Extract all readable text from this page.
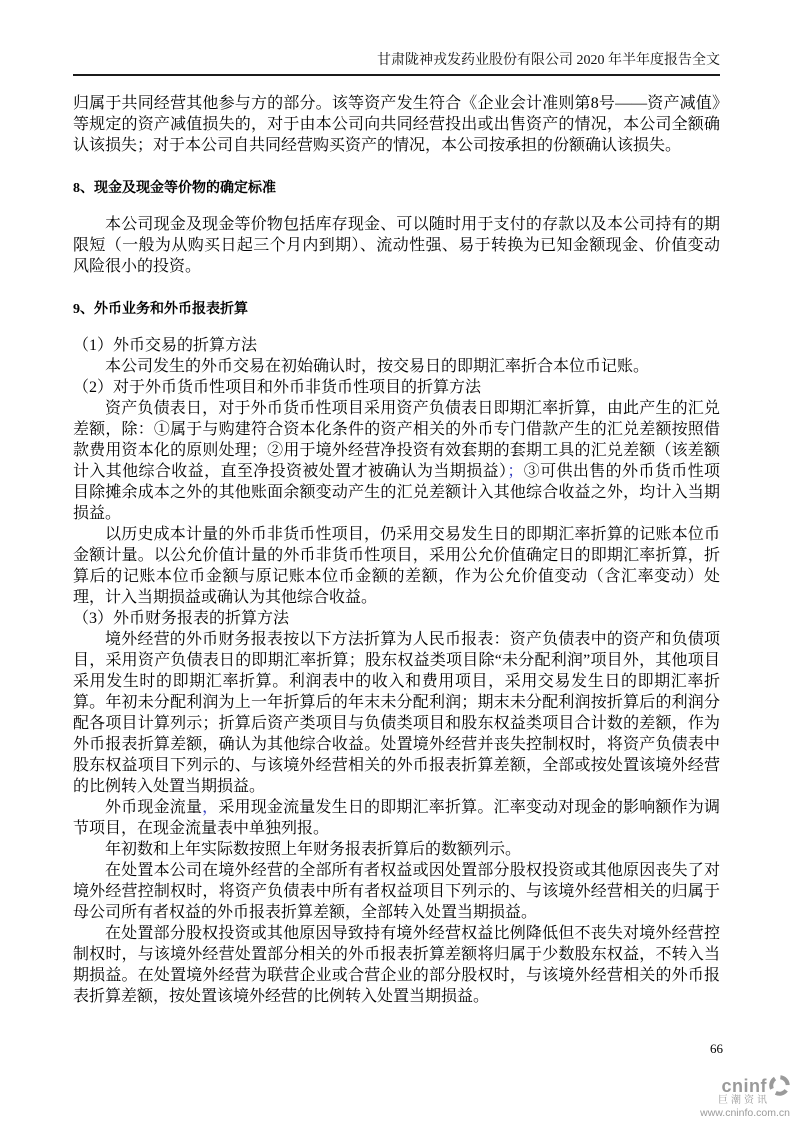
甘肃陇神戎发药业股份有限公司 2020 年半年度报告全文

归属于共同经营其他参与方的部分。该等资产发生符合《企业会计准则第8号——资产减值》等规定的资产减值损失的，对于由本公司向共同经营投出或出售资产的情况，本公司全额确认该损失；对于本公司自共同经营购买资产的情况，本公司按承担的份额确认该损失。

8、现金及现金等价物的确定标准

本公司现金及现金等价物包括库存现金、可以随时用于支付的存款以及本公司持有的期限短（一般为从购买日起三个月内到期）、流动性强、易于转换为已知金额现金、价值变动风险很小的投资。

9、外币业务和外币报表折算

（1）外币交易的折算方法

本公司发生的外币交易在初始确认时，按交易日的即期汇率折合本位币记账。

（2）对于外币货币性项目和外币非货币性项目的折算方法

资产负债表日，对于外币货币性项目采用资产负债表日即期汇率折算，由此产生的汇兑差额，除：①属于与购建符合资本化条件的资产相关的外币专门借款产生的汇兑差额按照借款费用资本化的原则处理；②用于境外经营净投资有效套期的套期工具的汇兑差额（该差额计入其他综合收益，直至净投资被处置才被确认为当期损益）；③可供出售的外币货币性项目除摊余成本之外的其他账面余额变动产生的汇兑差额计入其他综合收益之外，均计入当期损益。

以历史成本计量的外币非货币性项目，仍采用交易发生日的即期汇率折算的记账本位币金额计量。以公允价值计量的外币非货币性项目，采用公允价值确定日的即期汇率折算，折算后的记账本位币金额与原记账本位币金额的差额，作为公允价值变动（含汇率变动）处理，计入当期损益或确认为其他综合收益。

（3）外币财务报表的折算方法

境外经营的外币财务报表按以下方法折算为人民币报表：资产负债表中的资产和负债项目，采用资产负债表日的即期汇率折算；股东权益类项目除“未分配利润”项目外，其他项目采用发生时的即期汇率折算。利润表中的收入和费用项目，采用交易发生日的即期汇率折算。年初未分配利润为上一年折算后的年末未分配利润；期末未分配利润按折算后的利润分配各项目计算列示；折算后资产类项目与负债类项目和股东权益类项目合计数的差额，作为外币报表折算差额，确认为其他综合收益。处置境外经营并丧失控制权时，将资产负债表中股东权益项目下列示的、与该境外经营相关的外币报表折算差额，全部或按处置该境外经营的比例转入处置当期损益。

外币现金流量，采用现金流量发生日的即期汇率折算。汇率变动对现金的影响额作为调节项目，在现金流量表中单独列报。

年初数和上年实际数按照上年财务报表折算后的数额列示。

在处置本公司在境外经营的全部所有者权益或因处置部分股权投资或其他原因丧失了对境外经营控制权时，将资产负债表中所有者权益项目下列示的、与该境外经营相关的归属于母公司所有者权益的外币报表折算差额，全部转入处置当期损益。

在处置部分股权投资或其他原因导致持有境外经营权益比例降低但不丧失对境外经营控制权时，与该境外经营处置部分相关的外币报表折算差额将归属于少数股东权益，不转入当期损益。在处置境外经营为联营企业或合营企业的部分股权时，与该境外经营相关的外币报表折算差额，按处置该境外经营的比例转入处置当期损益。

66
cninf
巨潮资讯
www.cninfo.com.cn
